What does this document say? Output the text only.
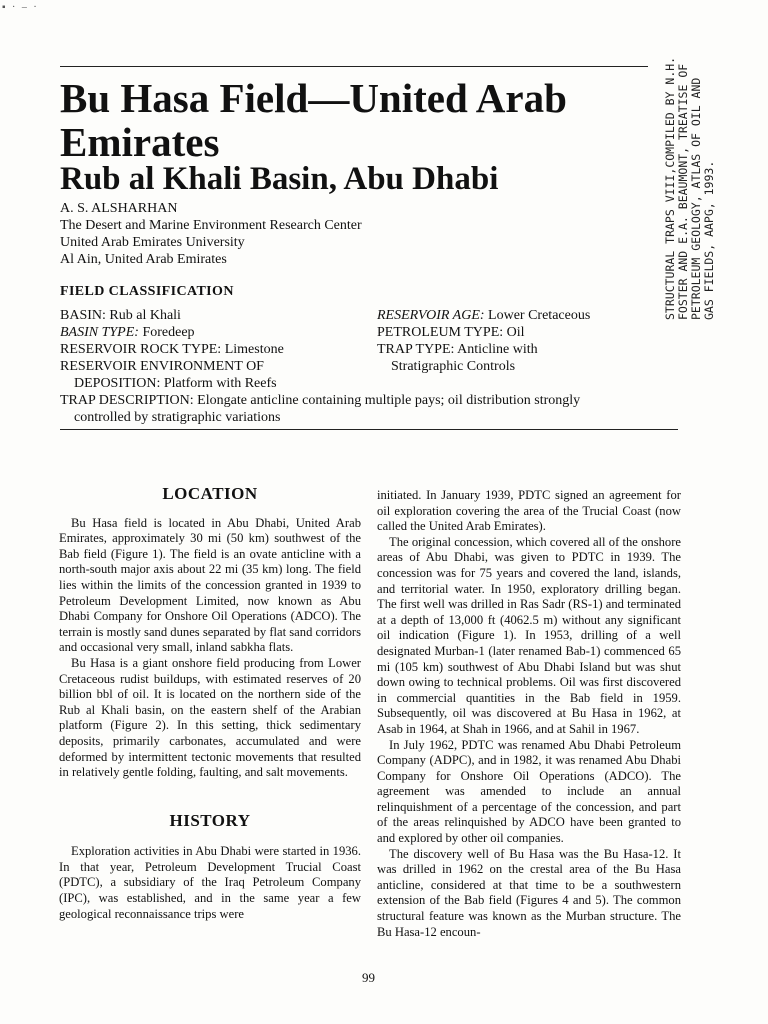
▪ · – ·
Bu Hasa Field—United Arab
Emirates
Rub al Khali Basin, Abu Dhabi
A. S. ALSHARHAN
The Desert and Marine Environment Research Center
United Arab Emirates University
Al Ain, United Arab Emirates	STRUCTURAL TRAPS VIII,COMPILED BY N.H. FOSTER AND E.A. BEAUMONT, TREATISE OF PETROLEUM GEOLOGY, ATLAS OF OIL AND GAS FIELDS, AAPG, 1993.
FIELD CLASSIFICATION
BASIN: Rub al Khali
BASIN TYPE: Foredeep
RESERVOIR ROCK TYPE: Limestone
RESERVOIR ENVIRONMENT OF
DEPOSITION: Platform with Reefs
RESERVOIR AGE: Lower Cretaceous
PETROLEUM TYPE: Oil
TRAP TYPE: Anticline with
Stratigraphic Controls
TRAP DESCRIPTION: Elongate anticline containing multiple pays; oil distribution strongly
controlled by stratigraphic variations
LOCATION

Bu Hasa field is located in Abu Dhabi, United Arab Emirates, approximately 30 mi (50 km) southwest of the Bab field (Figure 1). The field is an ovate anticline with a north-south major axis about 22 mi (35 km) long. The field lies within the limits of the concession granted in 1939 to Petroleum Development Limited, now known as Abu Dhabi Company for Onshore Oil Operations (ADCO). The terrain is mostly sand dunes separated by flat sand corridors and occasional very small, inland sabkha flats.

Bu Hasa is a giant onshore field producing from Lower Cretaceous rudist buildups, with estimated reserves of 20 billion bbl of oil. It is located on the northern side of the Rub al Khali basin, on the eastern shelf of the Arabian platform (Figure 2). In this setting, thick sedimentary deposits, primarily carbonates, accumulated and were deformed by intermittent tectonic movements that resulted in relatively gentle folding, faulting, and salt movements.

HISTORY

Exploration activities in Abu Dhabi were started in 1936. In that year, Petroleum Development Trucial Coast (PDTC), a subsidiary of the Iraq Petroleum Company (IPC), was established, and in the same year a few geological reconnaissance trips were

initiated. In January 1939, PDTC signed an agreement for oil exploration covering the area of the Trucial Coast (now called the United Arab Emirates).

The original concession, which covered all of the onshore areas of Abu Dhabi, was given to PDTC in 1939. The concession was for 75 years and covered the land, islands, and territorial water. In 1950, exploratory drilling began. The first well was drilled in Ras Sadr (RS-1) and terminated at a depth of 13,000 ft (4062.5 m) without any significant oil indication (Figure 1). In 1953, drilling of a well designated Murban-1 (later renamed Bab-1) commenced 65 mi (105 km) southwest of Abu Dhabi Island but was shut down owing to technical problems. Oil was first discovered in commercial quantities in the Bab field in 1959. Subsequently, oil was discovered at Bu Hasa in 1962, at Asab in 1964, at Shah in 1966, and at Sahil in 1967.

In July 1962, PDTC was renamed Abu Dhabi Petroleum Company (ADPC), and in 1982, it was renamed Abu Dhabi Company for Onshore Oil Operations (ADCO). The agreement was amended to include an annual relinquishment of a percentage of the concession, and part of the areas relinquished by ADCO have been granted to and explored by other oil companies.

The discovery well of Bu Hasa was the Bu Hasa-12. It was drilled in 1962 on the crestal area of the Bu Hasa anticline, considered at that time to be a southwestern extension of the Bab field (Figures 4 and 5). The common structural feature was known as the Murban structure. The Bu Hasa-12 encoun-

99
